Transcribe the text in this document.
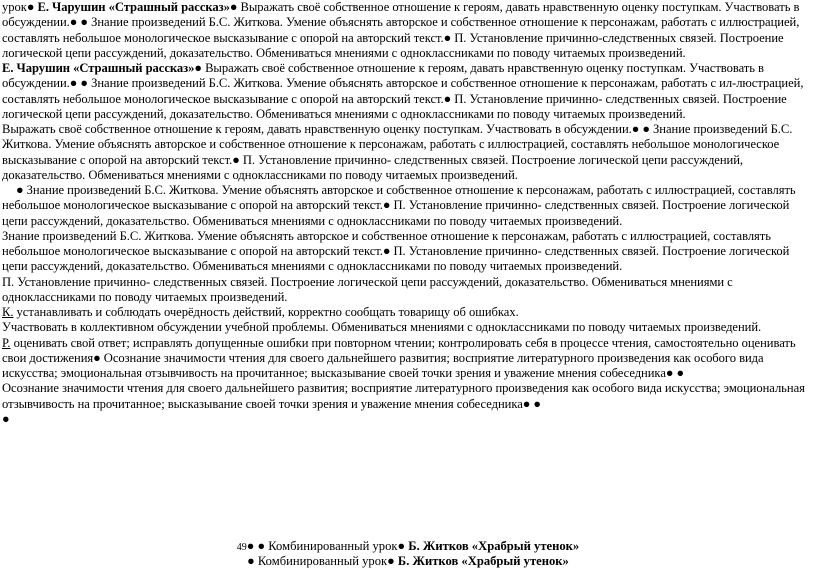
урок● Е. Чарушин «Страшный рассказ»● Выражать своё собственное отношение к героям, давать нравственную оценку поступкам. Участвовать в обсуждении.● ● Знание произведений Б.С. Житкова. Умение объяснять авторское и собственное отношение к персонажам, работать с иллюстрацией, составлять небольшое монологическое высказывание с опорой на авторский текст.● П. Установление причинно-следственных связей. Построение логической цепи рассуждений, доказательство. Обмениваться мнениями с одноклассниками по поводу читаемых произведений.

Е. Чарушин «Страшный рассказ»● Выражать своё собственное отношение к героям, давать нравственную оценку поступкам. Участвовать в обсуждении.● ● Знание произведений Б.С. Житкова. Умение объяснять авторское и собственное отношение к персонажам, работать с ил-люстрацией, составлять небольшое монологическое высказывание с опорой на авторский текст.● П. Установление причинно- следственных связей. Построение логической цепи рассуждений, доказательство. Обмениваться мнениями с одноклассниками по поводу читаемых произведений.

Выражать своё собственное отношение к героям, давать нравственную оценку поступкам. Участвовать в обсуждении.● ● Знание произведений Б.С. Житкова. Умение объяснять авторское и собственное отношение к персонажам, работать с иллюстрацией, составлять небольшое монологическое высказывание с опорой на авторский текст.● П. Установление причинно- следственных связей. Построение логической цепи рассуждений, доказательство. Обмениваться мнениями с одноклассниками по поводу читаемых произведений.

● Знание произведений Б.С. Житкова. Умение объяснять авторское и собственное отношение к персонажам, работать с иллюстрацией, составлять небольшое монологическое высказывание с опорой на авторский текст.● П. Установление причинно- следственных связей. Построение логической цепи рассуждений, доказательство. Обмениваться мнениями с одноклассниками по поводу читаемых произведений.

Знание произведений Б.С. Житкова. Умение объяснять авторское и собственное отношение к персонажам, работать с иллюстрацией, составлять небольшое монологическое высказывание с опорой на авторский текст.● П. Установление причинно- следственных связей. Построение логической цепи рассуждений, доказательство. Обмениваться мнениями с одноклассниками по поводу читаемых произведений.

П. Установление причинно- следственных связей. Построение логической цепи рассуждений, доказательство. Обмениваться мнениями с одноклассниками по поводу читаемых произведений.

К. устанавливать и соблюдать очерёдность действий, корректно сообщать товарищу об ошибках.

Участвовать в коллективном обсуждении учебной проблемы. Обмениваться мнениями с одноклассниками по поводу читаемых произведений.

Р. оценивать свой ответ; исправлять допущенные ошибки при повторном чтении; контролировать себя в процессе чтения, самостоятельно оценивать свои достижения● Осознание значимости чтения для своего дальнейшего развития; восприятие литературного произведения как особого вида искусства; эмоциональная отзывчивость на прочитанное; высказывание своей точки зрения и уважение мнения собеседника● ●

Осознание значимости чтения для своего дальнейшего развития; восприятие литературного произведения как особого вида искусства; эмоциональная отзывчивость на прочитанное; высказывание своей точки зрения и уважение мнения собеседника● ●

●

49● ● Комбинированный урок● Б. Житков «Храбрый утенок»
● Комбинированный урок● Б. Житков «Храбрый утенок»
